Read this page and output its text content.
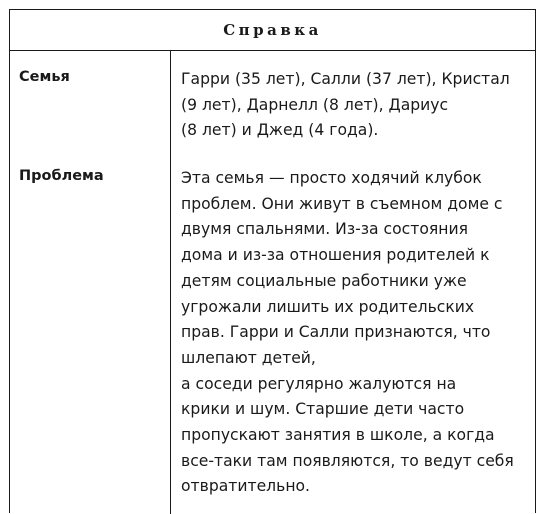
Справка
Семья	Гарри (35 лет), Салли (37 лет), Кристал
(9 лет), Дарнелл (8 лет), Дариус
(8 лет) и Джед (4 года).
Проблема	Эта семья — просто ходячий клубок
проблем. Они живут в съемном доме с
двумя спальнями. Из-за состояния
дома и из-за отношения родителей к
детям социальные работники уже
угрожали лишить их родительских
прав. Гарри и Салли признаются, что
шлепают детей,
а соседи регулярно жалуются на
крики и шум. Старшие дети часто
пропускают занятия в школе, а когда
все-таки там появляются, то ведут себя
отвратительно.
